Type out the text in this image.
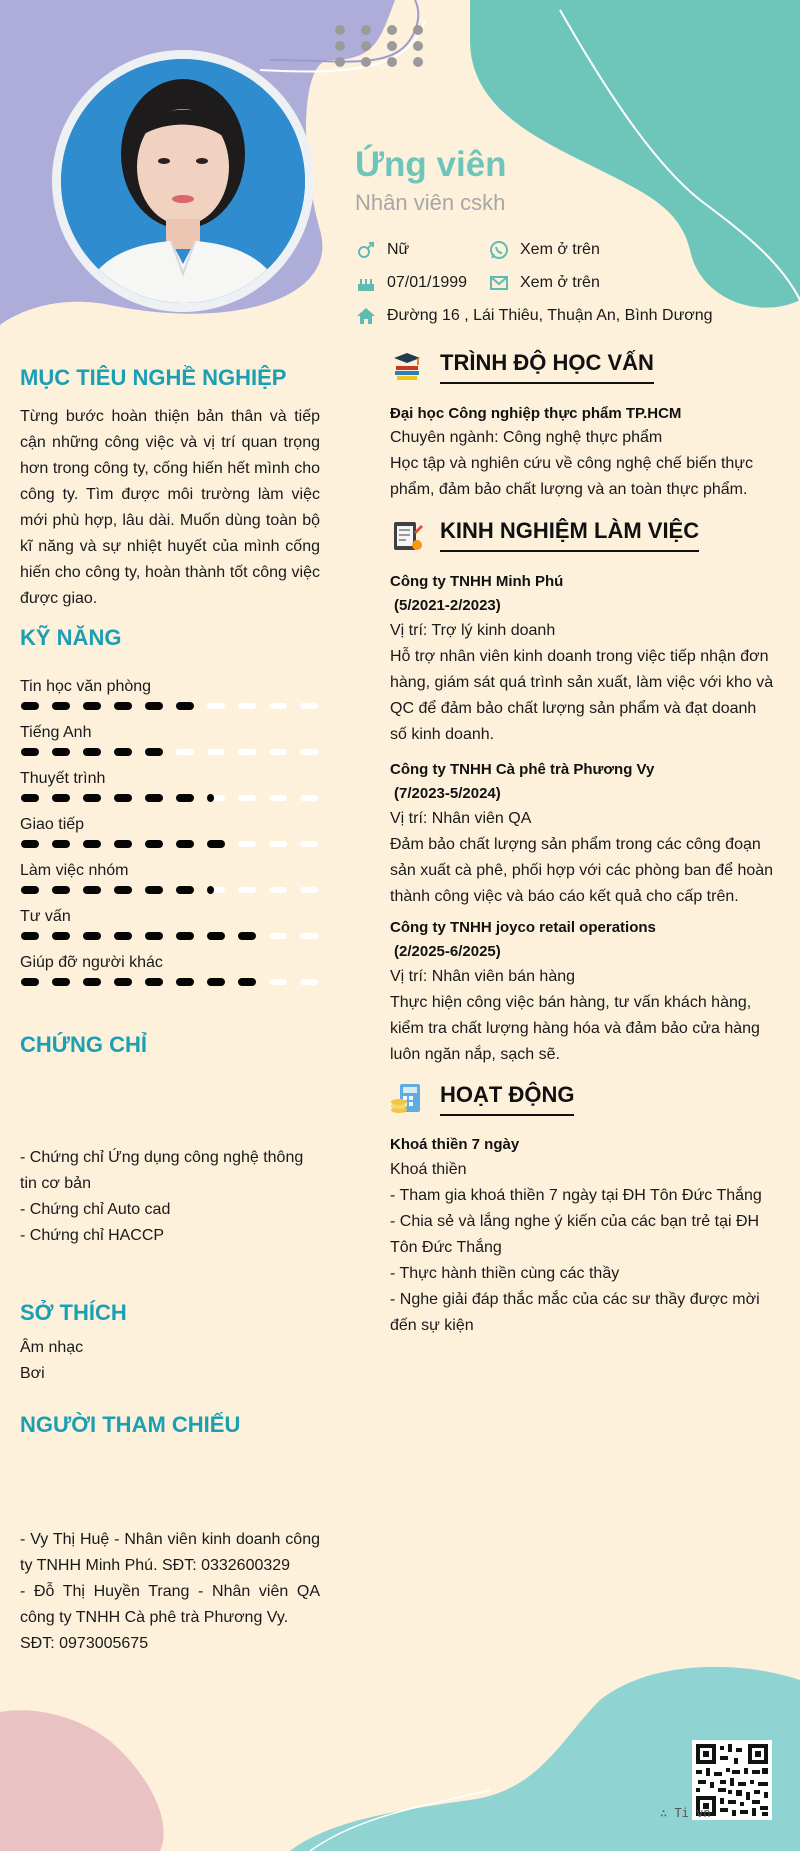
Ứng viên
Nhân viên cskh
Nữ	Xem ở trên
07/01/1999	Xem ở trên
Đường 16 , Lái Thiêu, Thuận An, Bình Dương
MỤC TIÊU NGHỀ NGHIỆP
Từng bước hoàn thiện bản thân và tiếp cận những công việc và vị trí quan trọng hơn trong công ty, cống hiến hết mình cho công ty. Tìm được môi trường làm việc mới phù hợp, lâu dài. Muốn dùng toàn bộ kĩ năng và sự nhiệt huyết của mình cống hiến cho công ty, hoàn thành tốt công việc được giao.
KỸ NĂNG
Tin học văn phòng
Tiếng Anh
Thuyết trình
Giao tiếp
Làm việc nhóm
Tư vấn
Giúp đỡ người khác
CHỨNG CHỈ
- Chứng chỉ Ứng dụng công nghệ thông tin cơ bản
- Chứng chỉ Auto cad
- Chứng chỉ HACCP
SỞ THÍCH
Âm nhạc
Bơi
NGƯỜI THAM CHIẾU
- Vy Thị Huệ - Nhân viên kinh doanh công ty TNHH Minh Phú. SĐT: 0332600329
- Đỗ Thị Huyền Trang - Nhân viên QA công ty TNHH Cà phê trà Phương Vy.
SĐT: 0973005675
TRÌNH ĐỘ HỌC VẤN
Đại học Công nghiệp thực phẩm TP.HCM
Chuyên ngành: Công nghệ thực phẩm
Học tập và nghiên cứu về công nghệ chế biến thực phẩm, đảm bảo chất lượng và an toàn thực phẩm.
KINH NGHIỆM LÀM VIỆC
Công ty TNHH Minh Phú
(5/2021-2/2023)
Vị trí: Trợ lý kinh doanh
Hỗ trợ nhân viên kinh doanh trong việc tiếp nhận đơn hàng, giám sát quá trình sản xuất, làm việc với kho và QC để đảm bảo chất lượng sản phẩm và đạt doanh số kinh doanh.
Công ty TNHH Cà phê trà Phương Vy
(7/2023-5/2024)
Vị trí: Nhân viên QA
Đảm bảo chất lượng sản phẩm trong các công đoạn sản xuất cà phê, phối hợp với các phòng ban để hoàn thành công việc và báo cáo kết quả cho cấp trên.
Công ty TNHH joyco retail operations
(2/2025-6/2025)
Vị trí: Nhân viên bán hàng
Thực hiện công việc bán hàng, tư vấn khách hàng, kiểm tra chất lượng hàng hóa và đảm bảo cửa hàng luôn ngăn nắp, sạch sẽ.
HOẠT ĐỘNG
Khoá thiền 7 ngày
Khoá thiền
- Tham gia khoá thiền 7 ngày tại ĐH Tôn Đức Thắng
- Chia sẻ và lắng nghe ý kiến của các bạn trẻ tại ĐH Tôn Đức Thắng
- Thực hành thiền cùng các thầy
- Nghe giải đáp thắc mắc của các sư thầy được mời đến sự kiện
∴ Ti vn
